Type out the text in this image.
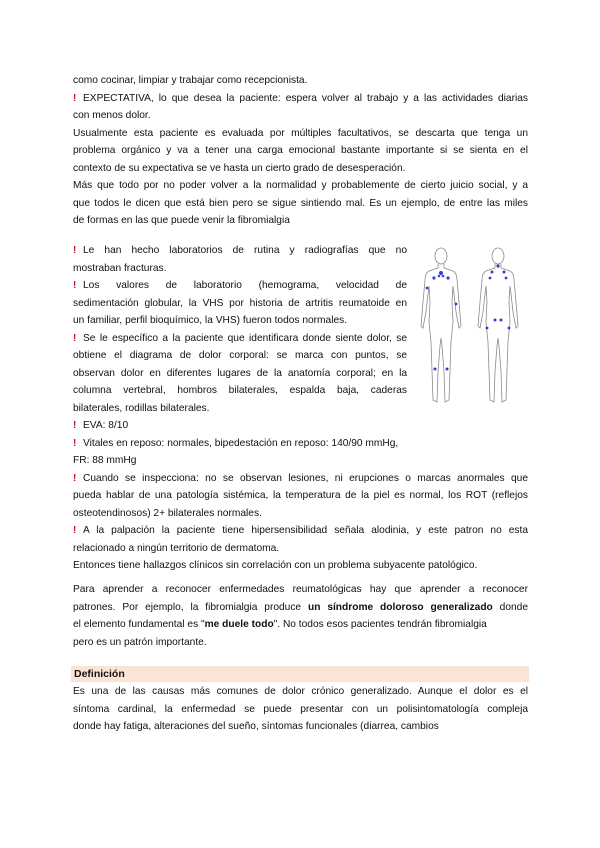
como cocinar, limpiar y trabajar como recepcionista.
! EXPECTATIVA, lo que desea la paciente: espera volver al trabajo y a las actividades diarias
con menos dolor.
Usualmente esta paciente es evaluada por múltiples facultativos, se descarta que tenga un
problema orgánico y va a tener una carga emocional bastante importante si se sienta en el
contexto de su expectativa se ve hasta un cierto grado de desesperación.
Más que todo por no poder volver a la normalidad y probablemente de cierto juicio social, y a
que todos le dicen que está bien pero se sigue sintiendo mal. Es un ejemplo, de entre las miles
de formas en las que puede venir la fibromialgia
! Le han hecho laboratorios de rutina y radiografías que no
mostraban fracturas.
! Los valores de laboratorio (hemograma, velocidad de
sedimentación globular, la VHS por historia de artritis reumatoide en
un familiar, perfil bioquímico, la VHS) fueron todos normales.
! Se le específico a la paciente que identificara donde siente dolor, se
obtiene el diagrama de dolor corporal: se marca con puntos, se
observan dolor en diferentes lugares de la anatomía corporal; en la
columna vertebral, hombros bilaterales, espalda baja, caderas
bilaterales, rodillas bilaterales.
! EVA: 8/10
! Vitales en reposo: normales, bipedestación en reposo: 140/90 mmHg,
FR: 88 mmHg
! Cuando se inspecciona: no se observan lesiones, ni erupciones o marcas anormales que
pueda hablar de una patología sistémica, la temperatura de la piel es normal, los ROT (reflejos
osteotendinosos) 2+ bilaterales normales.
! A la palpación la paciente tiene hipersensibilidad señala alodinia, y este patron no esta
relacionado a ningún territorio de dermatoma.
Entonces tiene hallazgos clínicos sin correlación con un problema subyacente patológico.
Para aprender a reconocer enfermedades reumatológicas hay que aprender a reconocer
patrones. Por ejemplo, la fibromialgia produce un síndrome doloroso generalizado donde
el elemento fundamental es "me duele todo". No todos esos pacientes tendrán fibromialgia
pero es un patrón importante.
Definición
Es una de las causas más comunes de dolor crónico generalizado. Aunque el dolor es el
síntoma cardinal, la enfermedad se puede presentar con un polisintomatología compleja
donde hay fatiga, alteraciones del sueño, síntomas funcionales (diarrea, cambios
